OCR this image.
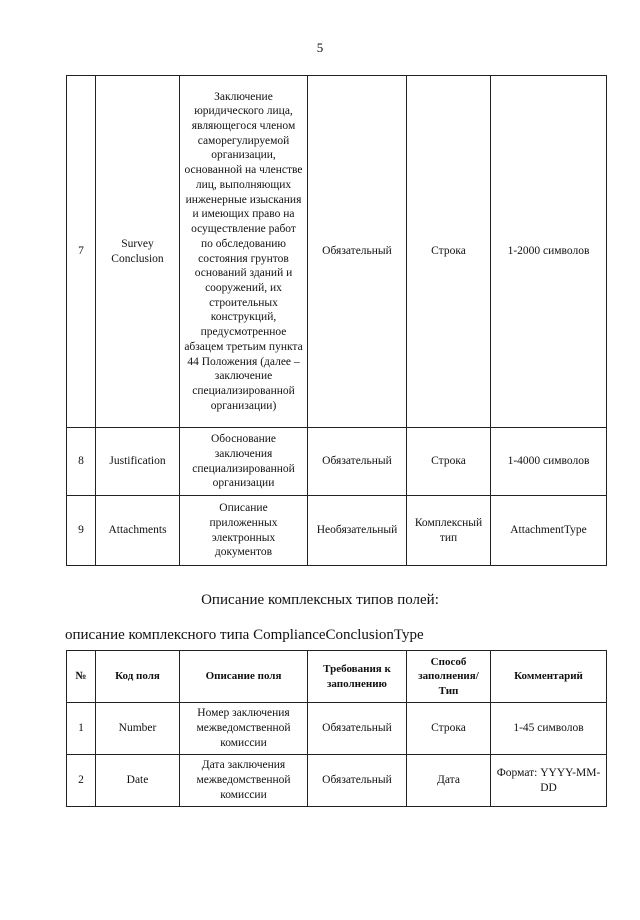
5
7	Survey Conclusion	Заключение юридического лица, являющегося членом саморегулируемой организации, основанной на членстве лиц, выполняющих инженерные изыскания и имеющих право на осуществление работ по обследованию состояния грунтов оснований зданий и сооружений, их строительных конструкций, предусмотренное абзацем третьим пункта 44 Положения (далее – заключение специализированной организации)	Обязательный	Строка	1-2000 символов
8	Justification	Обоснование заключения специализированной организации	Обязательный	Строка	1-4000 символов
9	Attachments	Описание приложенных электронных документов	Необязательный	Комплексный тип	AttachmentType
Описание комплексных типов полей:
описание комплексного типа ComplianceConclusionType
№	Код поля	Описание поля	Требования к заполнению	Способ заполнения/ Тип	Комментарий
1	Number	Номер заключения межведомственной комиссии	Обязательный	Строка	1-45 символов
2	Date	Дата заключения межведомственной комиссии	Обязательный	Дата	Формат: YYYY-MM-DD
